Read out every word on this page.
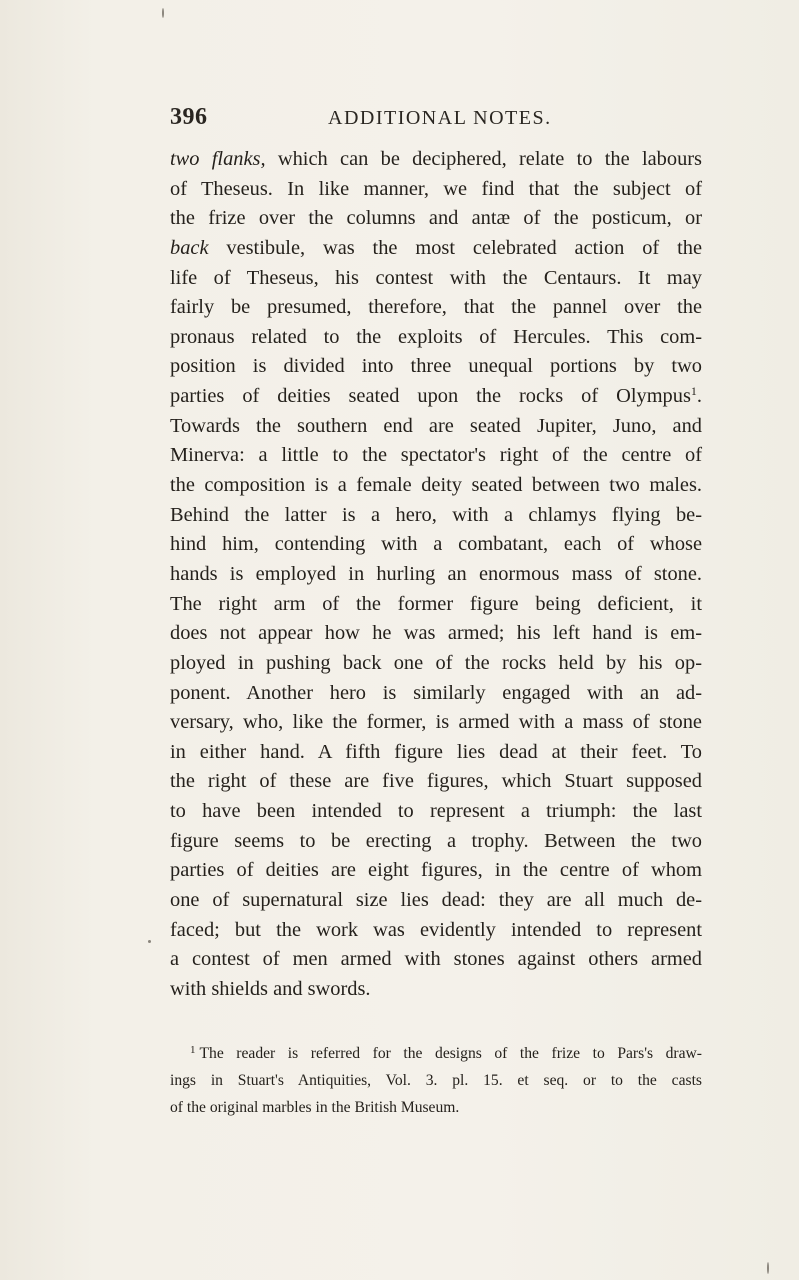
396	ADDITIONAL NOTES.
two flanks, which can be deciphered, relate to the labours
of Theseus. In like manner, we find that the subject of
the frize over the columns and antæ of the posticum, or
back vestibule, was the most celebrated action of the
life of Theseus, his contest with the Centaurs. It may
fairly be presumed, therefore, that the pannel over the
pronaus related to the exploits of Hercules. This com-
position is divided into three unequal portions by two
parties of deities seated upon the rocks of Olympus$^1$.
Towards the southern end are seated Jupiter, Juno, and
Minerva: a little to the spectator's right of the centre of
the composition is a female deity seated between two males.
Behind the latter is a hero, with a chlamys flying be-
hind him, contending with a combatant, each of whose
hands is employed in hurling an enormous mass of stone.
The right arm of the former figure being deficient, it
does not appear how he was armed; his left hand is em-
ployed in pushing back one of the rocks held by his op-
ponent. Another hero is similarly engaged with an ad-
versary, who, like the former, is armed with a mass of stone
in either hand. A fifth figure lies dead at their feet. To
the right of these are five figures, which Stuart supposed
to have been intended to represent a triumph: the last
figure seems to be erecting a trophy. Between the two
parties of deities are eight figures, in the centre of whom
one of supernatural size lies dead: they are all much de-
faced; but the work was evidently intended to represent
a contest of men armed with stones against others armed
with shields and swords.
$^1$ The reader is referred for the designs of the frize to Pars's draw-
ings in Stuart's Antiquities, Vol. 3. pl. 15. et seq. or to the casts
of the original marbles in the British Museum.
